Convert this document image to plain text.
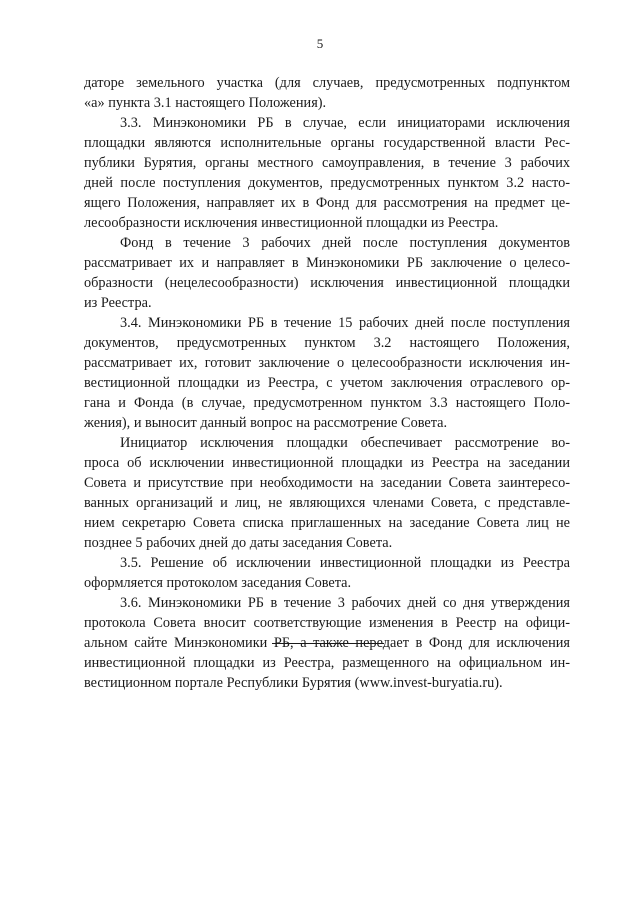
5
датopе земельного участка (для случаев, предусмотренных подпунктом
«а» пункта 3.1 настоящего Положения).
3.3. Минэкономики РБ в случае, если инициаторами исключения
площадки являются исполнительные органы государственной власти Рес-
публики Бурятия, органы местного самоуправления, в течение 3 рабочих
дней после поступления документов, предусмотренных пунктом 3.2 насто-
ящего Положения, направляет их в Фонд для рассмотрения на предмет це-
лесообразности исключения инвестиционной площадки из Реестра.
Фонд в течение 3 рабочих дней после поступления документов
рассматривает их и направляет в Минэкономики РБ заключение о целесо-
образности (нецелесообразности) исключения инвестиционной площадки
из Реестра.
3.4. Минэкономики РБ в течение 15 рабочих дней после поступления
документов, предусмотренных пунктом 3.2 настоящего Положения,
рассматривает их, готовит заключение о целесообразности исключения ин-
вестиционной площадки из Реестра, с учетом заключения отраслевого ор-
гана и Фонда (в случае, предусмотренном пунктом 3.3 настоящего Поло-
жения), и выносит данный вопрос на рассмотрение Совета.
Инициатор исключения площадки обеспечивает рассмотрение во-
проса об исключении инвестиционной площадки из Реестра на заседании
Совета и присутствие при необходимости на заседании Совета заинтересо-
ванных организаций и лиц, не являющихся членами Совета, с представле-
нием секретарю Совета списка приглашенных на заседание Совета лиц не
позднее 5 рабочих дней до даты заседания Совета.
3.5. Решение об исключении инвестиционной площадки из Реестра
оформляется протоколом заседания Совета.
3.6. Минэкономики РБ в течение 3 рабочих дней со дня утверждения
протокола Совета вносит соответствующие изменения в Реестр на офици-
альном сайте Минэкономики РБ, а также передает в Фонд для исключения
инвестиционной площадки из Реестра, размещенного на официальном ин-
вестиционном портале Республики Бурятия (www.invest-buryatia.ru).
